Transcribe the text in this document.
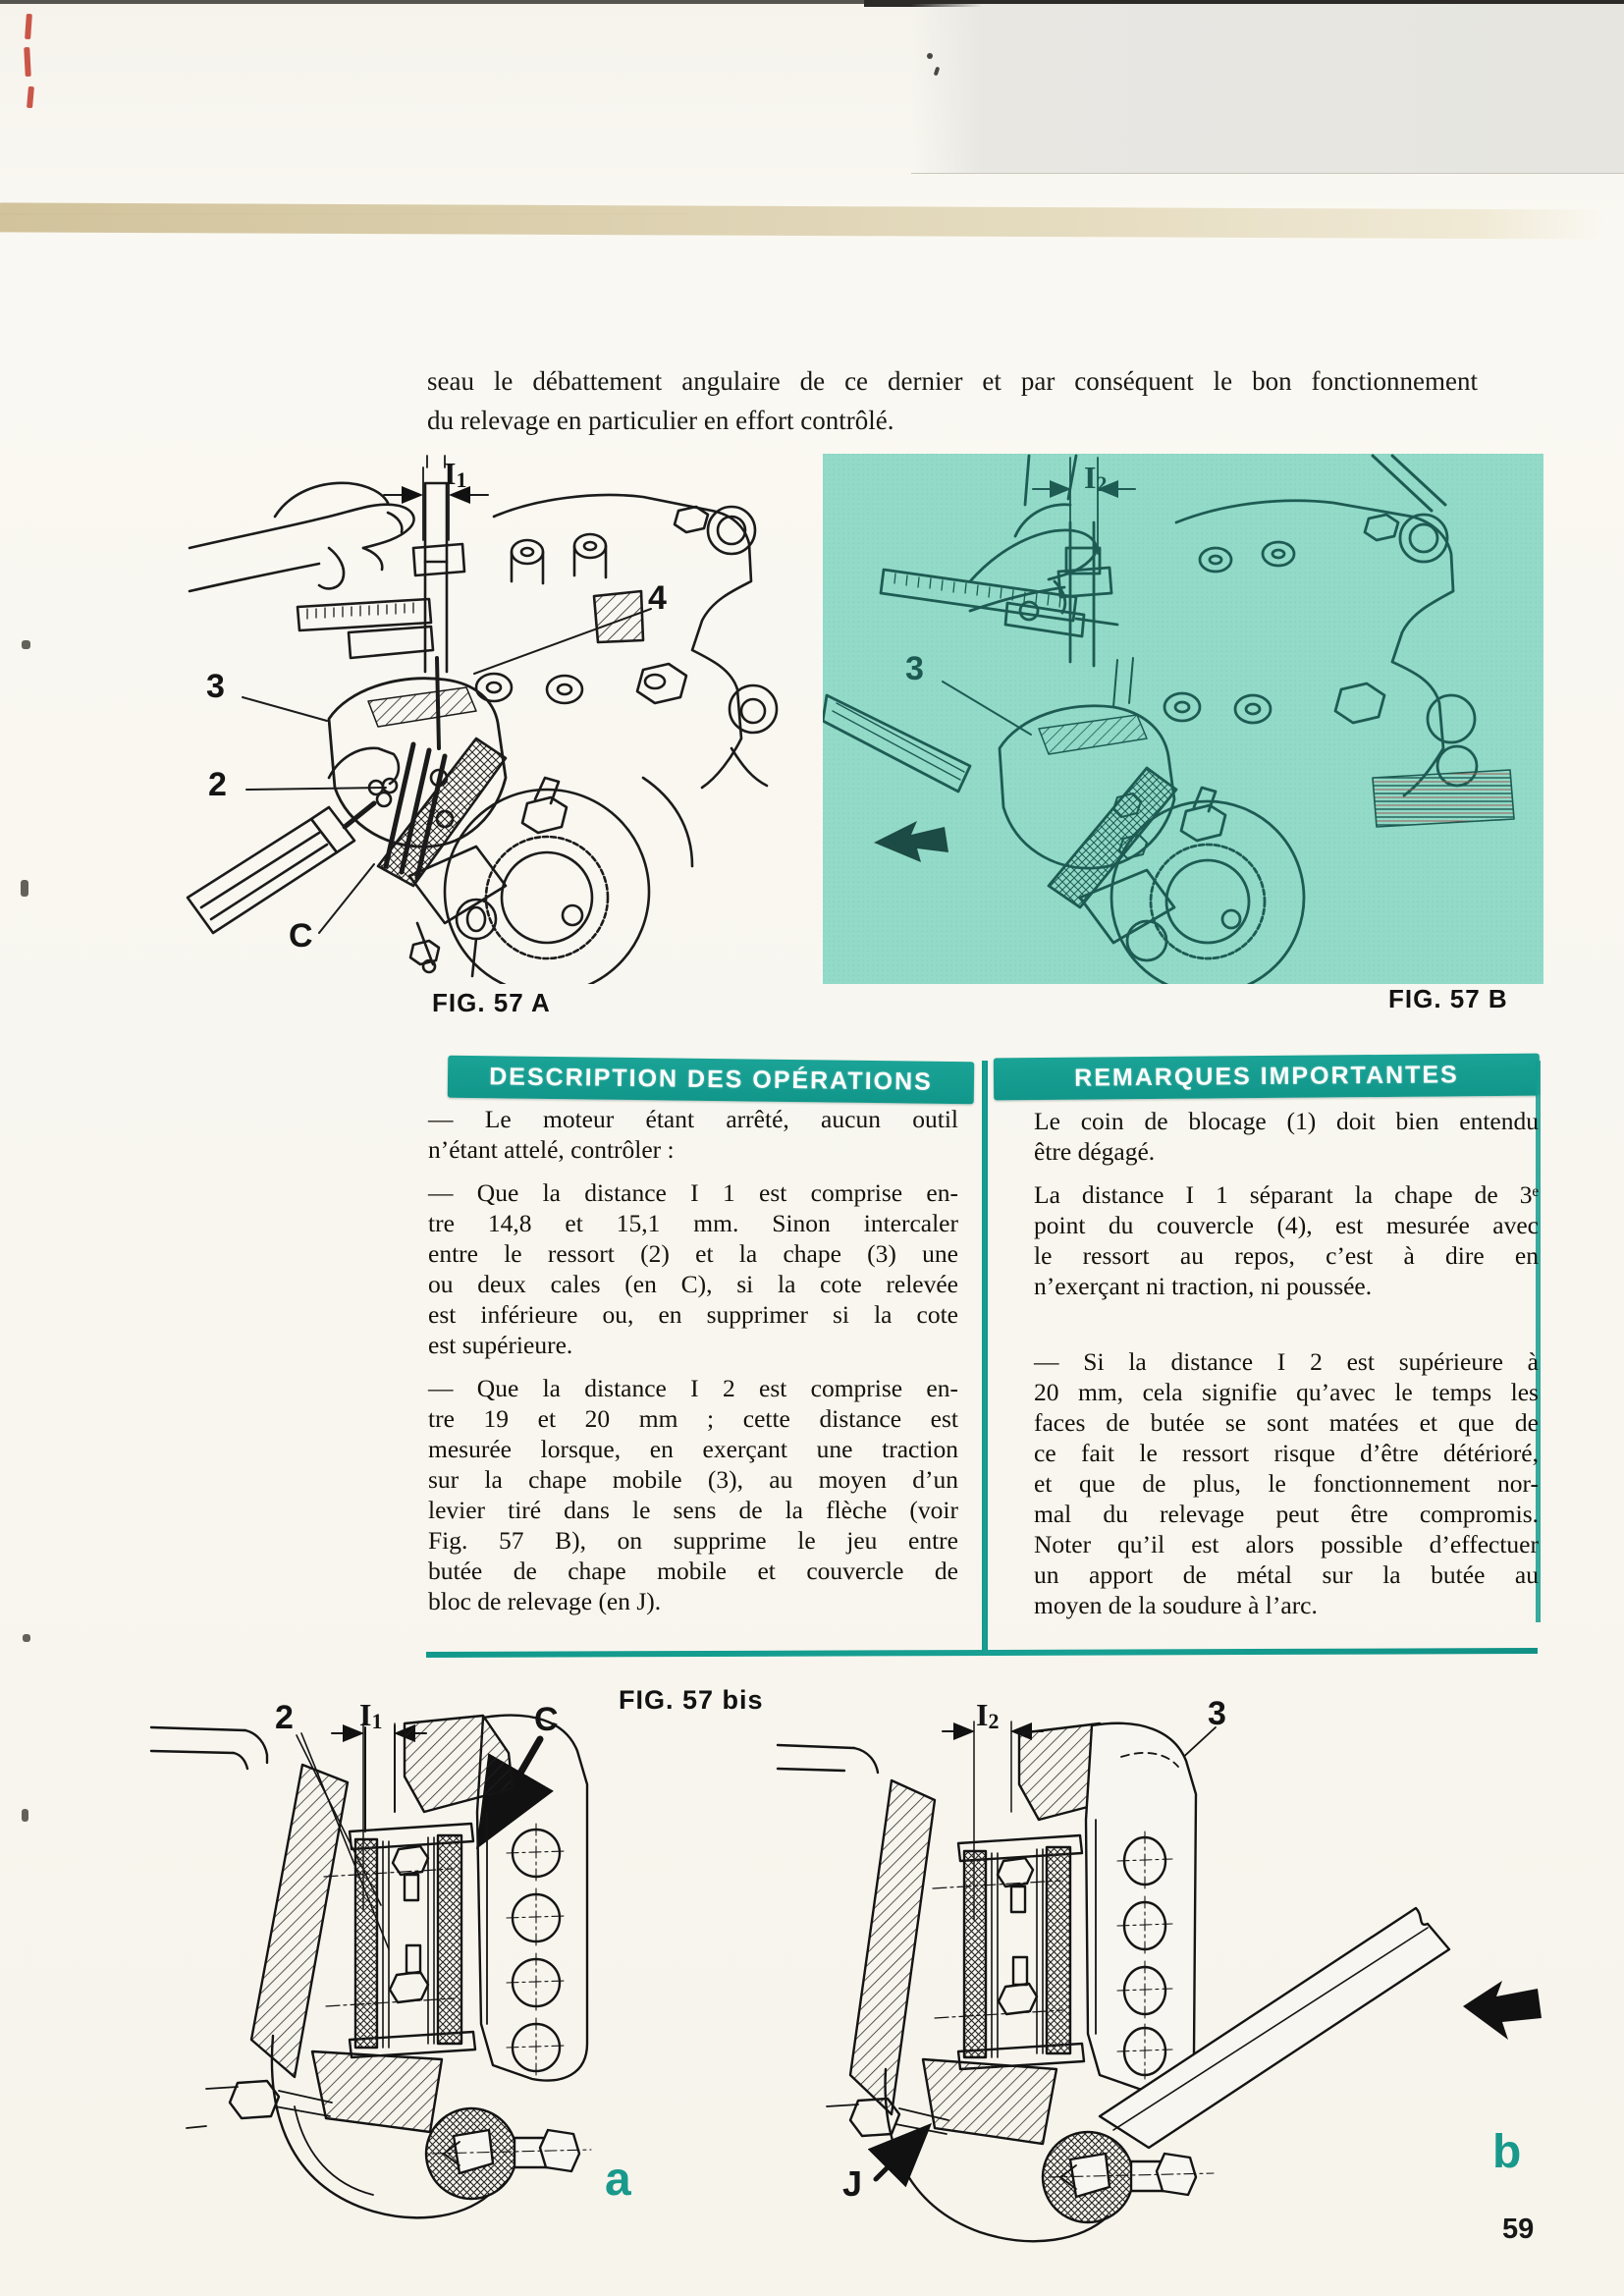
seau le débattement angulaire de ce dernier et par conséquent le bon fonctionnement
du relevage en particulier en effort contrôlé.
FIG. 57 A	FIG. 57 B
I1
4
3
2
C
I2
3
DESCRIPTION DES OPÉRATIONS	REMARQUES IMPORTANTES
— Le moteur étant arrêté, aucun outil
n’étant attelé, contrôler :
— Que la distance I 1 est comprise en-
tre 14,8 et 15,1 mm. Sinon intercaler
entre le ressort (2) et la chape (3) une
ou deux cales (en C), si la cote relevée
est inférieure ou, en supprimer si la cote
est supérieure.
— Que la distance I 2 est comprise en-
tre 19 et 20 mm ; cette distance est
mesurée lorsque, en exerçant une traction
sur la chape mobile (3), au moyen d’un
levier tiré dans le sens de la flèche (voir
Fig. 57 B), on supprime le jeu entre
butée de chape mobile et couvercle de
bloc de relevage (en J).
Le coin de blocage (1) doit bien entendu
être dégagé.
La distance I 1 séparant la chape de 3ᵉ
point du couvercle (4), est mesurée avec
le ressort au repos, c’est à dire en
n’exerçant ni traction, ni poussée.
— Si la distance I 2 est supérieure à
20 mm, cela signifie qu’avec le temps les
faces de butée se sont matées et que de
ce fait le ressort risque d’être détérioré,
et que de plus, le fonctionnement nor-
mal du relevage peut être compromis.
Noter qu’il est alors possible d’effectuer
un apport de métal sur la butée au
moyen de la soudure à l’arc.
FIG. 57 bis
2 I1	C
a
I2	3
J
b
59
